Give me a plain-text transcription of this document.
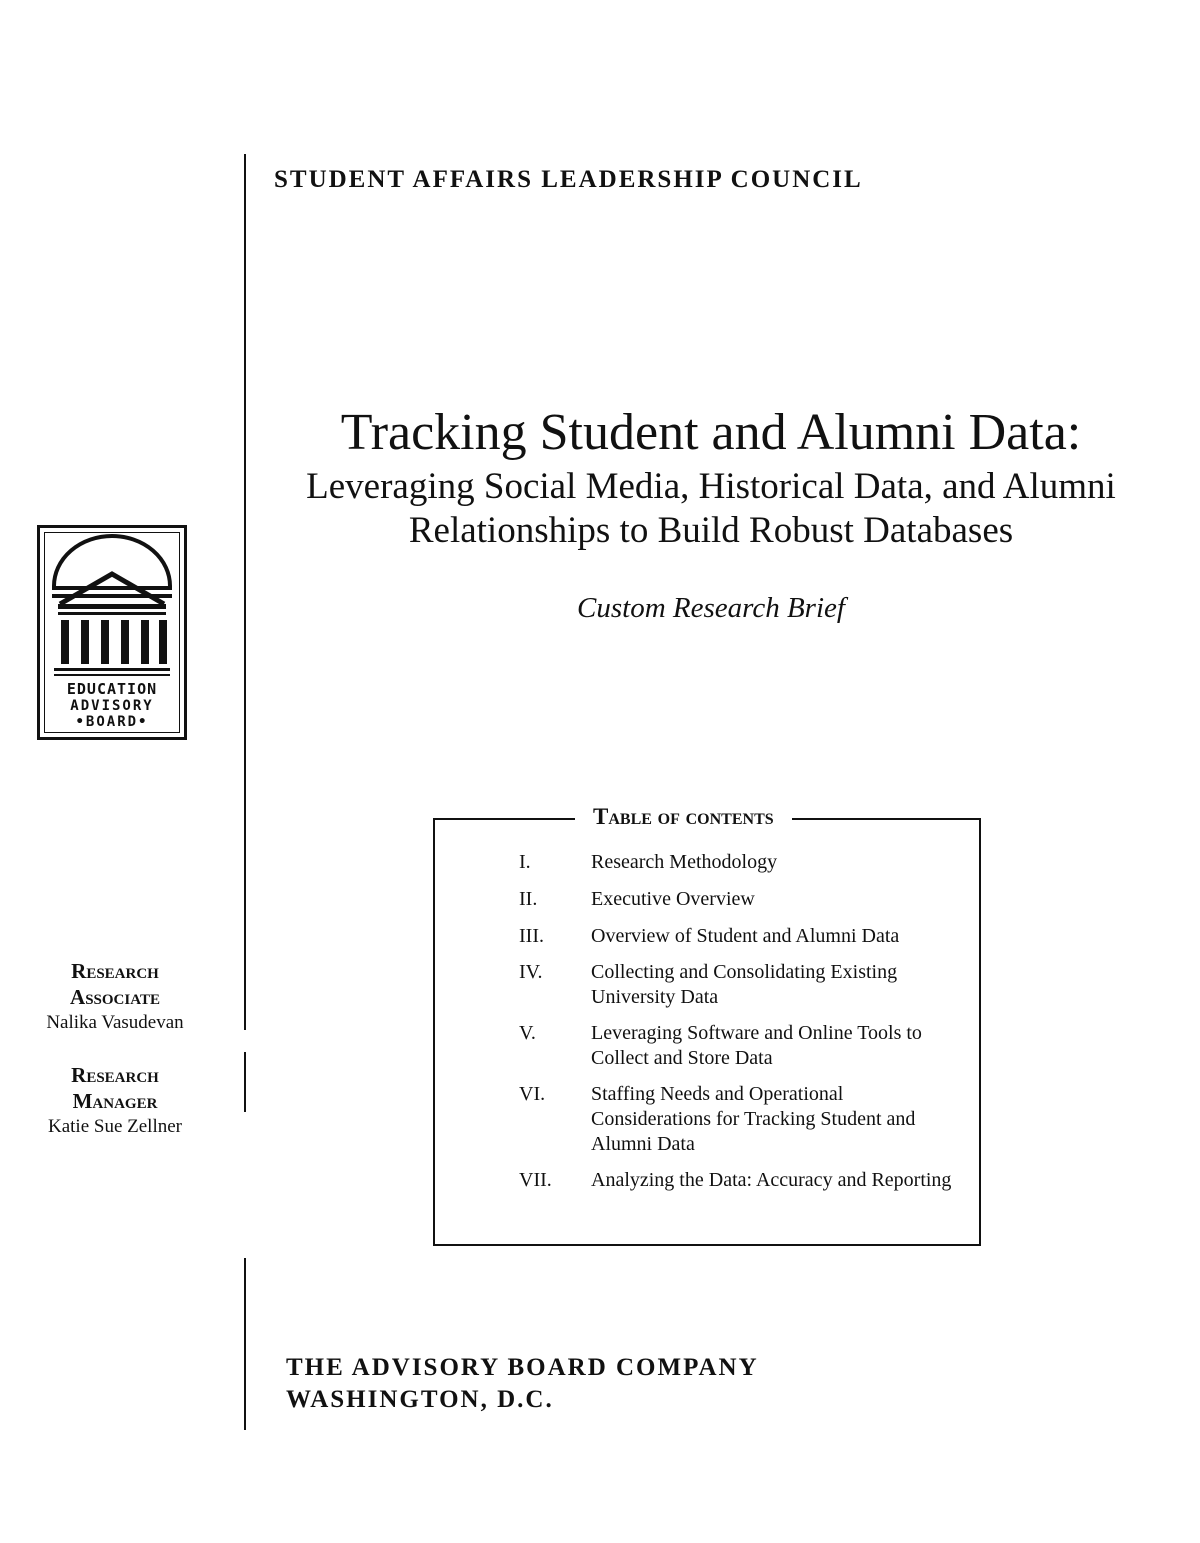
STUDENT AFFAIRS LEADERSHIP COUNCIL
Tracking Student and Alumni Data:
Leveraging Social Media, Historical Data, and Alumni
Relationships to Build Robust Databases
Custom Research Brief
EDUCATION
ADVISORY
•BOARD•
Research
Associate
Nalika Vasudevan
Research
Manager
Katie Sue Zellner
Table of contents
I.	Research Methodology
II.	Executive Overview
III. Overview of Student and Alumni Data
IV. Collecting and Consolidating Existing University Data
V.	Leveraging Software and Online Tools to Collect and Store Data
VI. Staffing Needs and Operational Considerations for Tracking Student and Alumni Data
VII. Analyzing the Data: Accuracy and Reporting
THE ADVISORY BOARD COMPANY
WASHINGTON, D.C.
